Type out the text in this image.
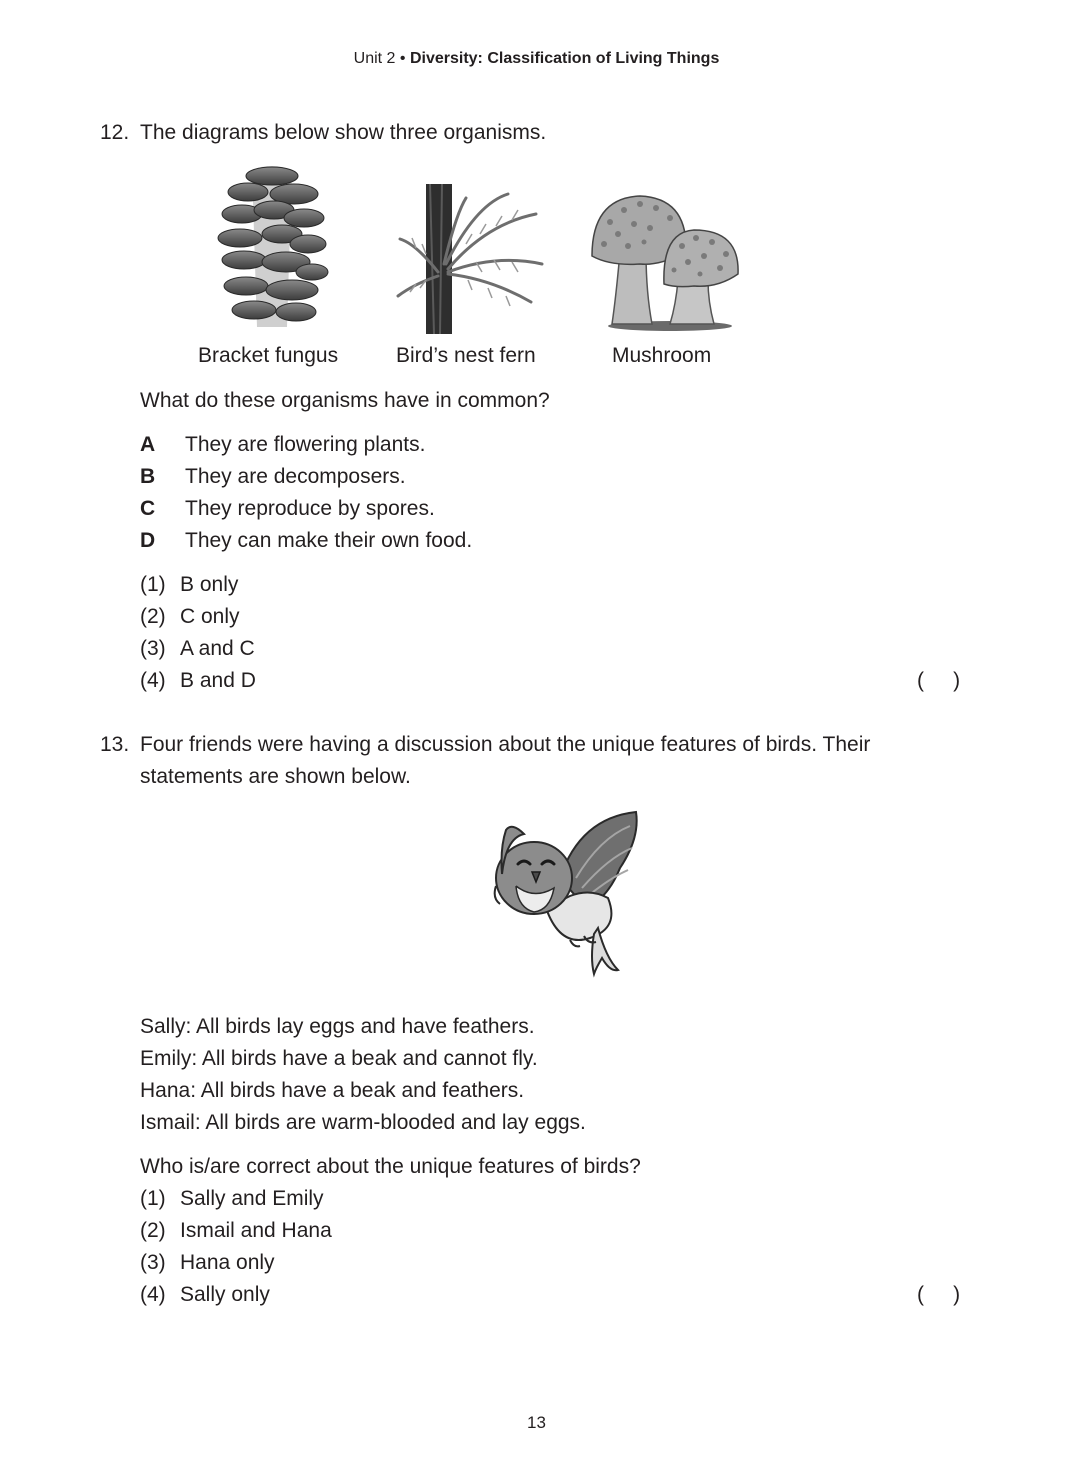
Unit 2 • Diversity: Classification of Living Things
12. The diagrams below show three organisms.
Bracket fungus	Bird’s nest fern	Mushroom
What do these organisms have in common?
A They are flowering plants.
B They are decomposers.
C They reproduce by spores.
D They can make their own food.
(1) B only
(2) C only
(3) A and C
(4) B and D	(     )
13. Four friends were having a discussion about the unique features of birds. Their
statements are shown below.
Sally: All birds lay eggs and have feathers.
Emily: All birds have a beak and cannot fly.
Hana: All birds have a beak and feathers.
Ismail: All birds are warm-blooded and lay eggs.
Who is/are correct about the unique features of birds?
(1) Sally and Emily
(2) Ismail and Hana
(3) Hana only
(4) Sally only	(     )
13
